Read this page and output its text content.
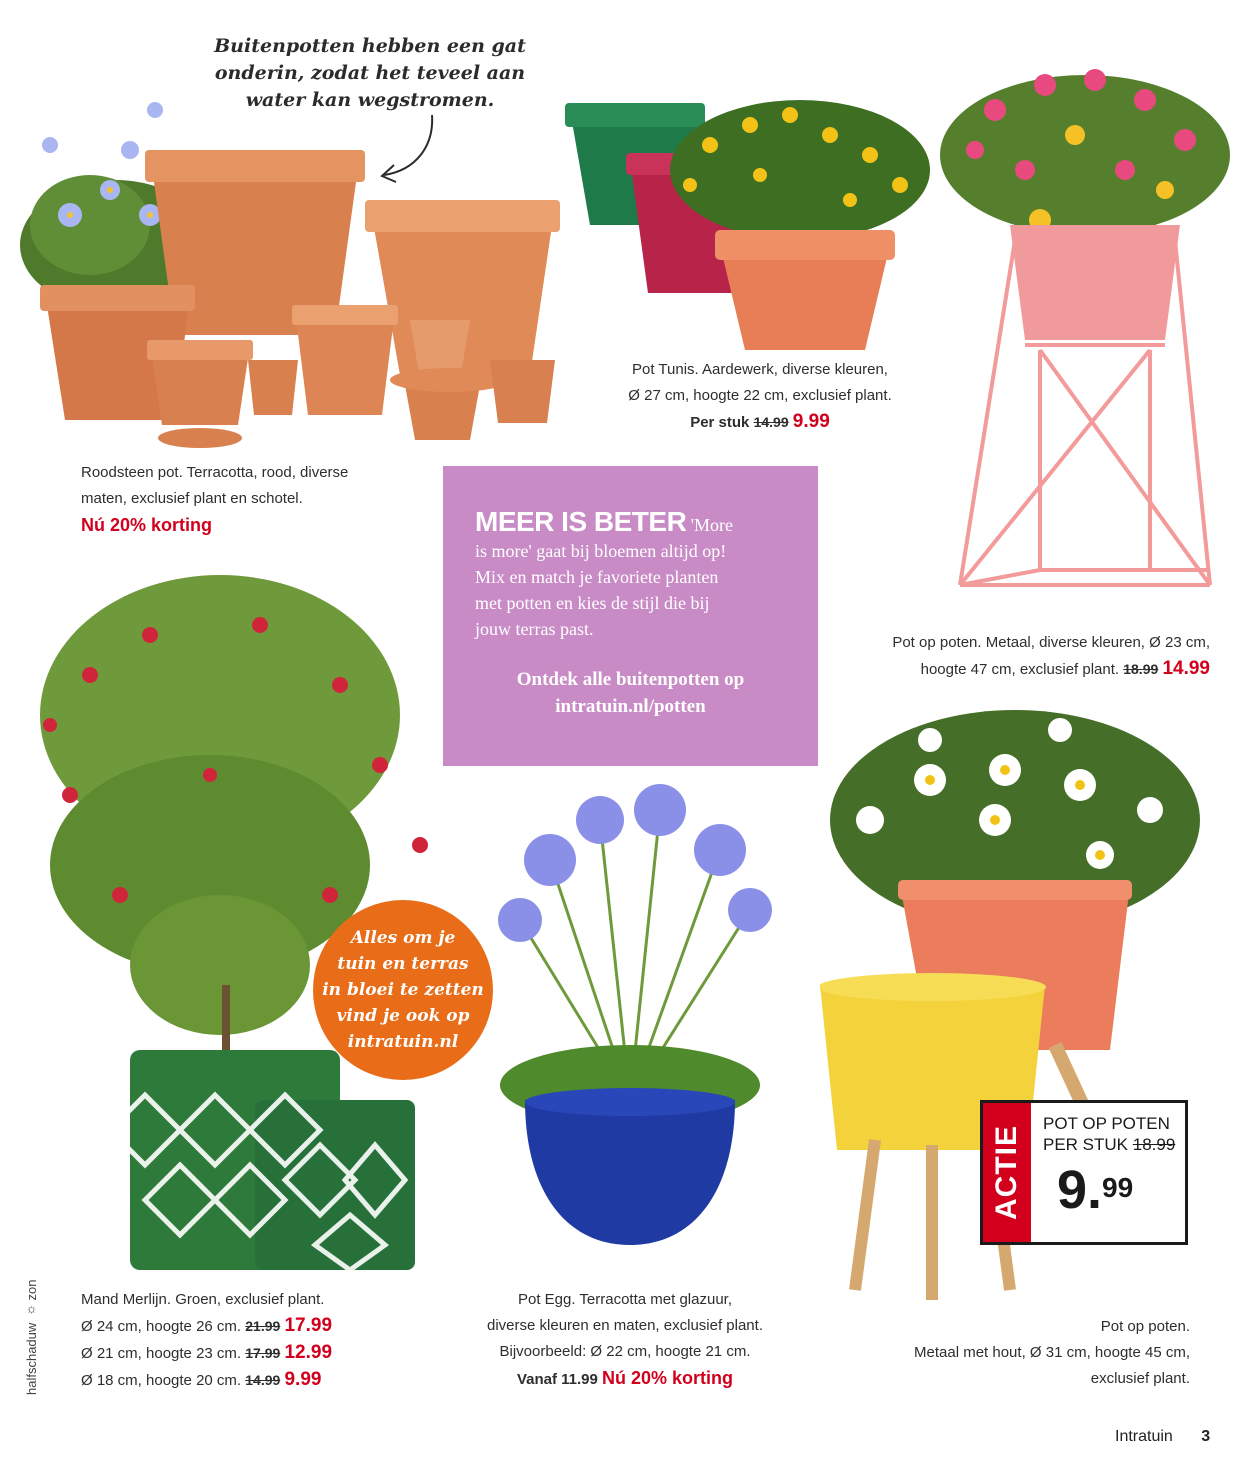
Buitenpotten hebben een gat
onderin, zodat het teveel aan
water kan wegstromen.
Roodsteen pot. Terracotta, rood, diverse
maten, exclusief plant en schotel.
Nú 20% korting
Pot Tunis. Aardewerk, diverse kleuren,
Ø 27 cm, hoogte 22 cm, exclusief plant.
Per stuk 14.99 9.99
Pot op poten. Metaal, diverse kleuren, Ø 23 cm,
hoogte 47 cm, exclusief plant. 18.99 14.99
Mand Merlijn. Groen, exclusief plant.
Ø 24 cm, hoogte 26 cm. 21.99 17.99
Ø 21 cm, hoogte 23 cm. 17.99 12.99
Ø 18 cm, hoogte 20 cm. 14.99 9.99
Pot Egg. Terracotta met glazuur,
diverse kleuren en maten, exclusief plant.
Bijvoorbeeld: Ø 22 cm, hoogte 21 cm.
Vanaf 11.99 Nú 20% korting
Pot op poten.
Metaal met hout, Ø 31 cm, hoogte 45 cm,
exclusief plant.
MEER IS BETER 'More
is more' gaat bij bloemen altijd op!
Mix en match je favoriete planten
met potten en kies de stijl die bij
jouw terras past.
Ontdek alle buitenpotten op
intratuin.nl/potten
Alles om je
tuin en terras
in bloei te zetten
vind je ook op
intratuin.nl
ACTIE
POT OP POTEN
PER STUK 18.99
9.99
halfschaduw ☼ zon
Intratuin 3
